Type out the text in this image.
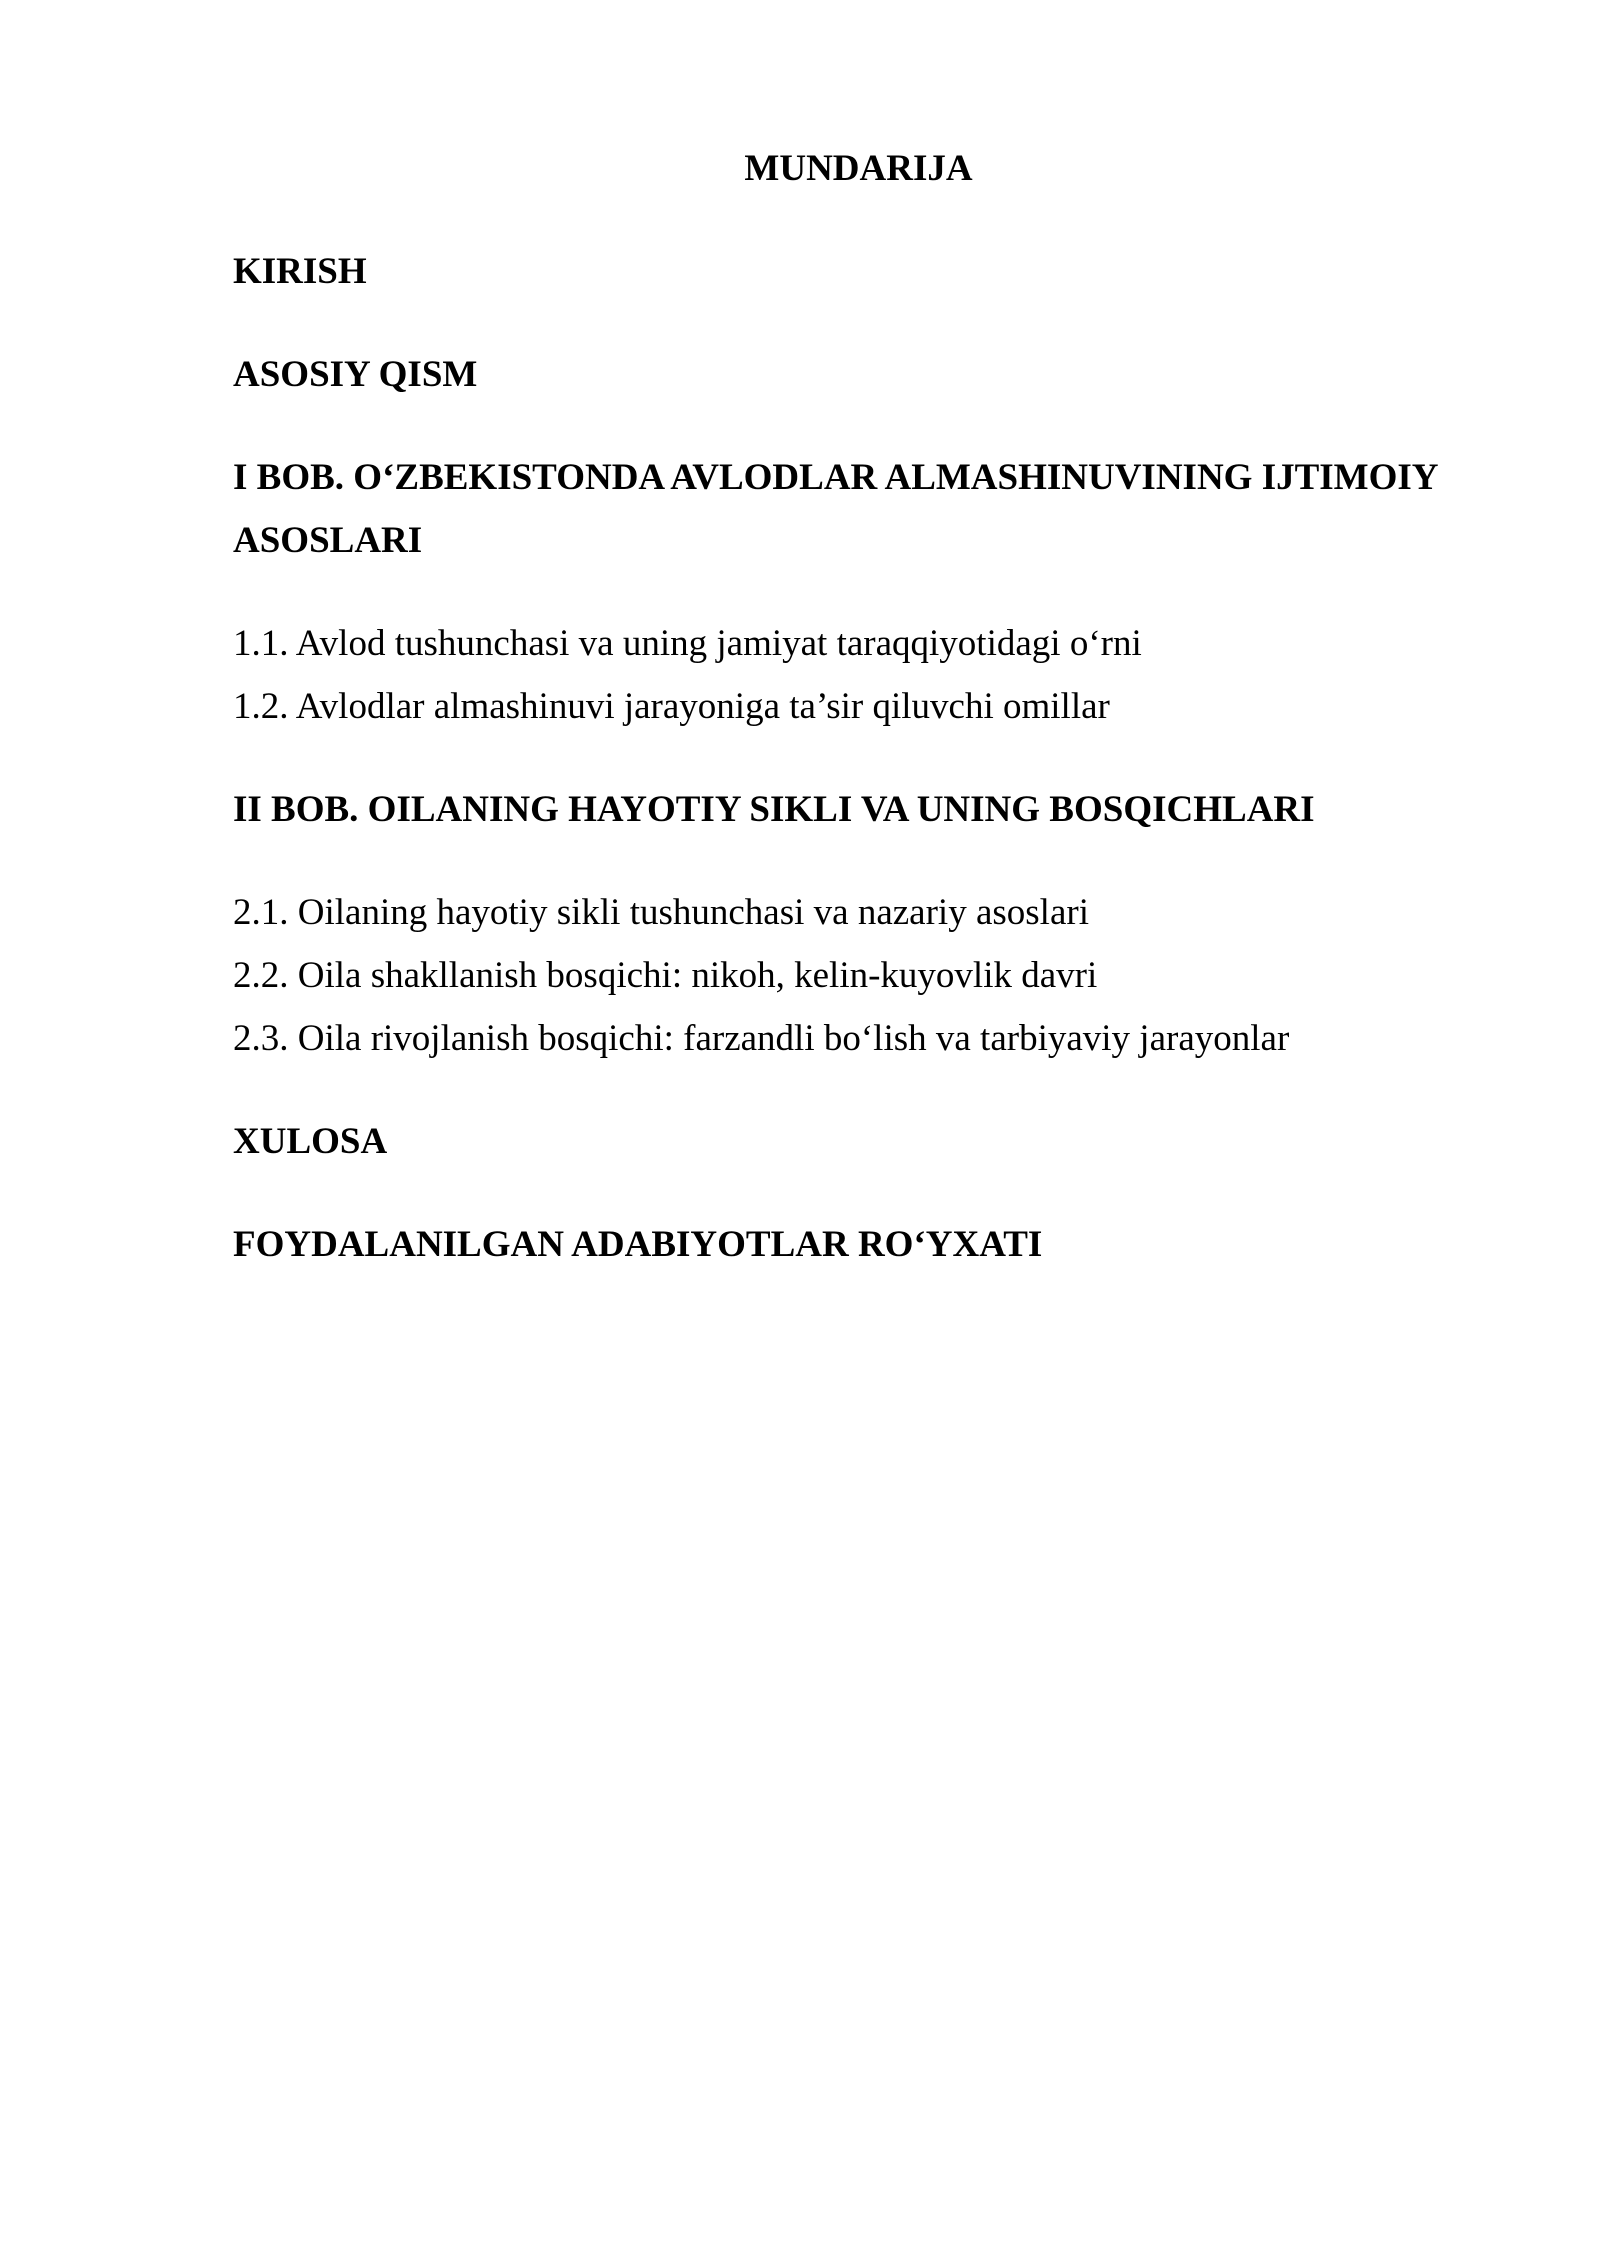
MUNDARIJA

KIRISH

ASOSIY QISM

I BOB. O‘ZBEKISTONDA AVLODLAR ALMASHINUVINING IJTIMOIY ASOSLARI

1.1. Avlod tushunchasi va uning jamiyat taraqqiyotidagi o‘rni

1.2. Avlodlar almashinuvi jarayoniga ta’sir qiluvchi omillar

II BOB. OILANING HAYOTIY SIKLI VA UNING BOSQICHLARI

2.1. Oilaning hayotiy sikli tushunchasi va nazariy asoslari

2.2. Oila shakllanish bosqichi: nikoh, kelin-kuyovlik davri

2.3. Oila rivojlanish bosqichi: farzandli bo‘lish va tarbiyaviy jarayonlar

XULOSA

FOYDALANILGAN ADABIYOTLAR RO‘YXATI
